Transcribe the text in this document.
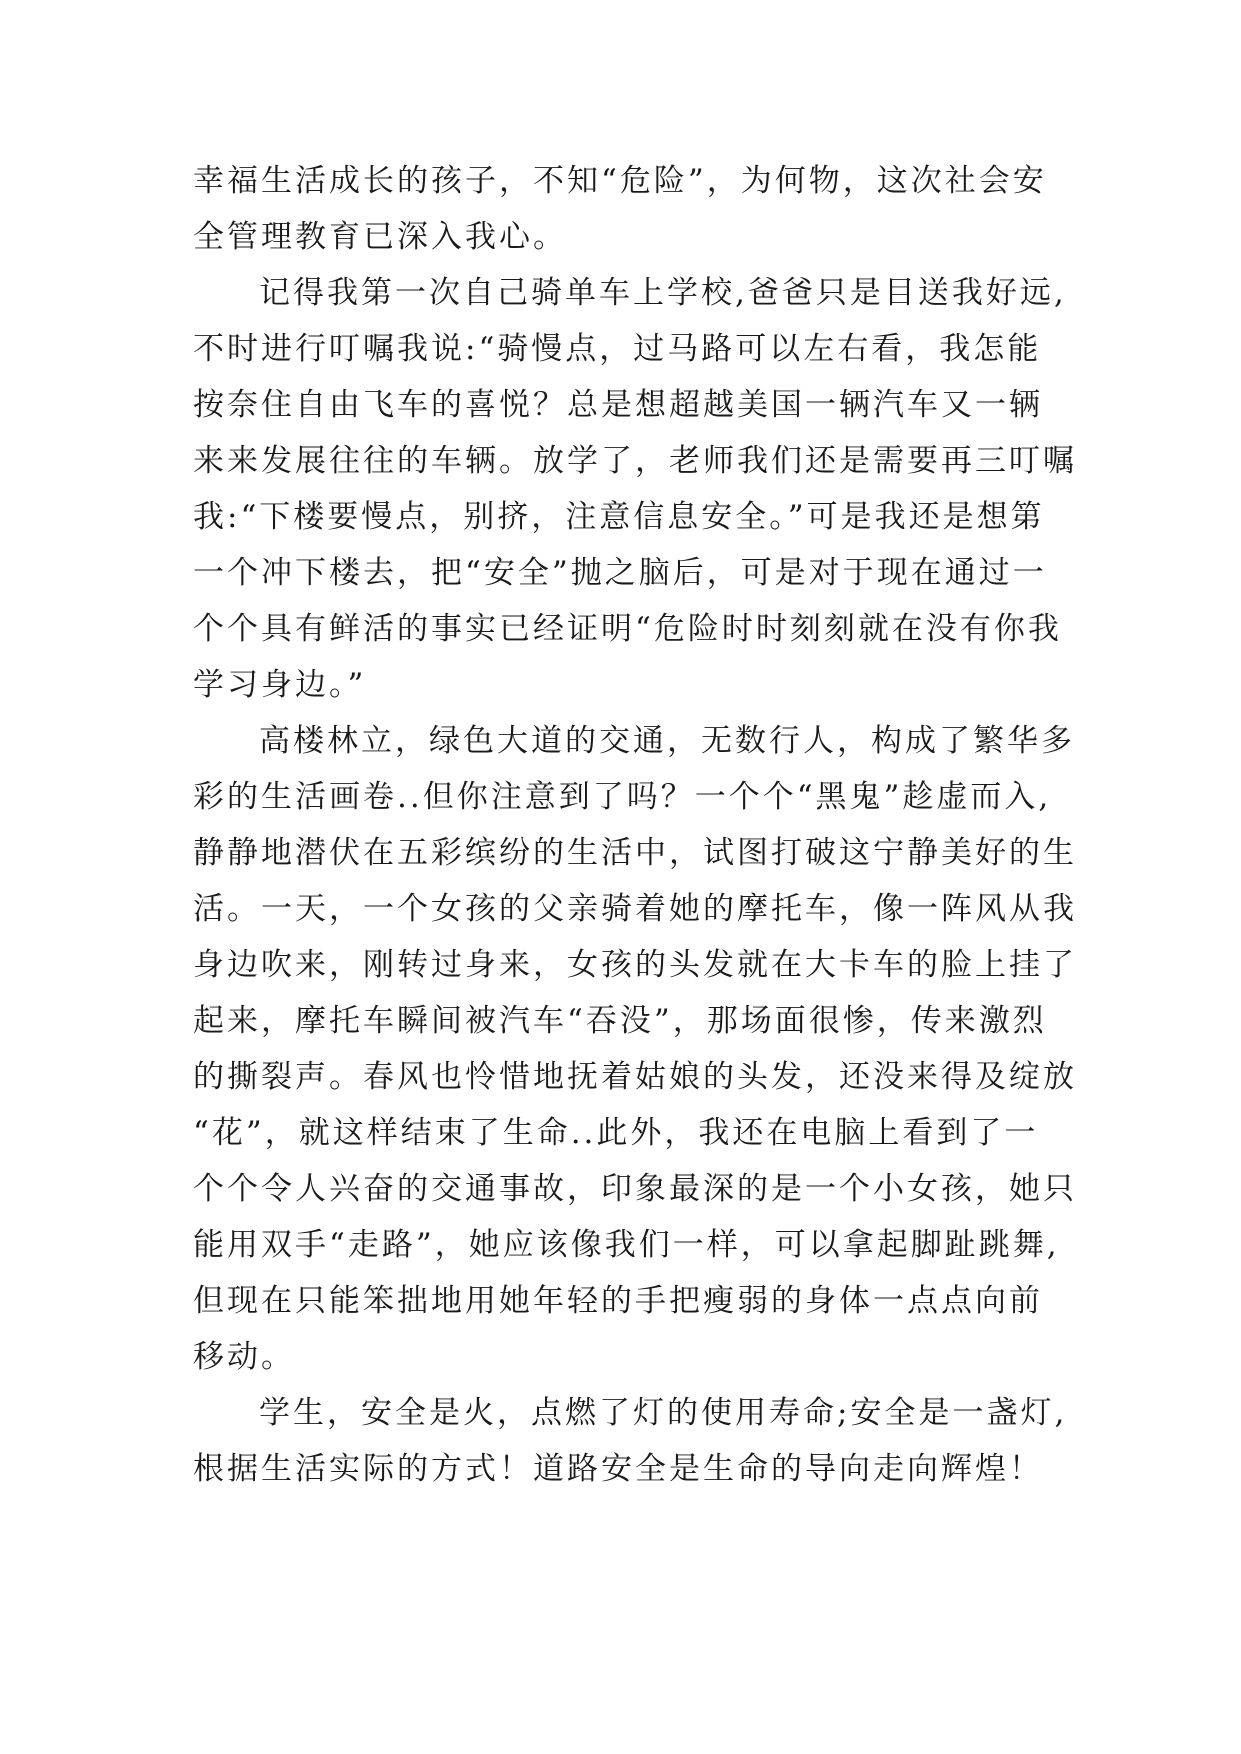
幸福生活成长的孩子，不知“危险”，为何物，这次社会安
全管理教育已深入我心。
记得我第一次自己骑单车上学校,爸爸只是目送我好远,
不时进行叮嘱我说:“骑慢点，过马路可以左右看，我怎能
按奈住自由飞车的喜悦？总是想超越美国一辆汽车又一辆
来来发展往往的车辆。放学了，老师我们还是需要再三叮嘱
我:“下楼要慢点，别挤，注意信息安全。”可是我还是想第
一个冲下楼去，把“安全”抛之脑后，可是对于现在通过一
个个具有鲜活的事实已经证明“危险时时刻刻就在没有你我
学习身边。”
高楼林立，绿色大道的交通，无数行人，构成了繁华多
彩的生活画卷..但你注意到了吗？一个个“黑鬼”趁虚而入,
静静地潜伏在五彩缤纷的生活中，试图打破这宁静美好的生
活。一天，一个女孩的父亲骑着她的摩托车，像一阵风从我
身边吹来，刚转过身来，女孩的头发就在大卡车的脸上挂了
起来，摩托车瞬间被汽车“吞没”，那场面很惨，传来激烈
的撕裂声。春风也怜惜地抚着姑娘的头发，还没来得及绽放
“花”，就这样结束了生命..此外，我还在电脑上看到了一
个个令人兴奋的交通事故，印象最深的是一个小女孩，她只
能用双手“走路”，她应该像我们一样，可以拿起脚趾跳舞,
但现在只能笨拙地用她年轻的手把瘦弱的身体一点点向前
移动。
学生，安全是火，点燃了灯的使用寿命;安全是一盏灯,
根据生活实际的方式！道路安全是生命的导向走向辉煌！
